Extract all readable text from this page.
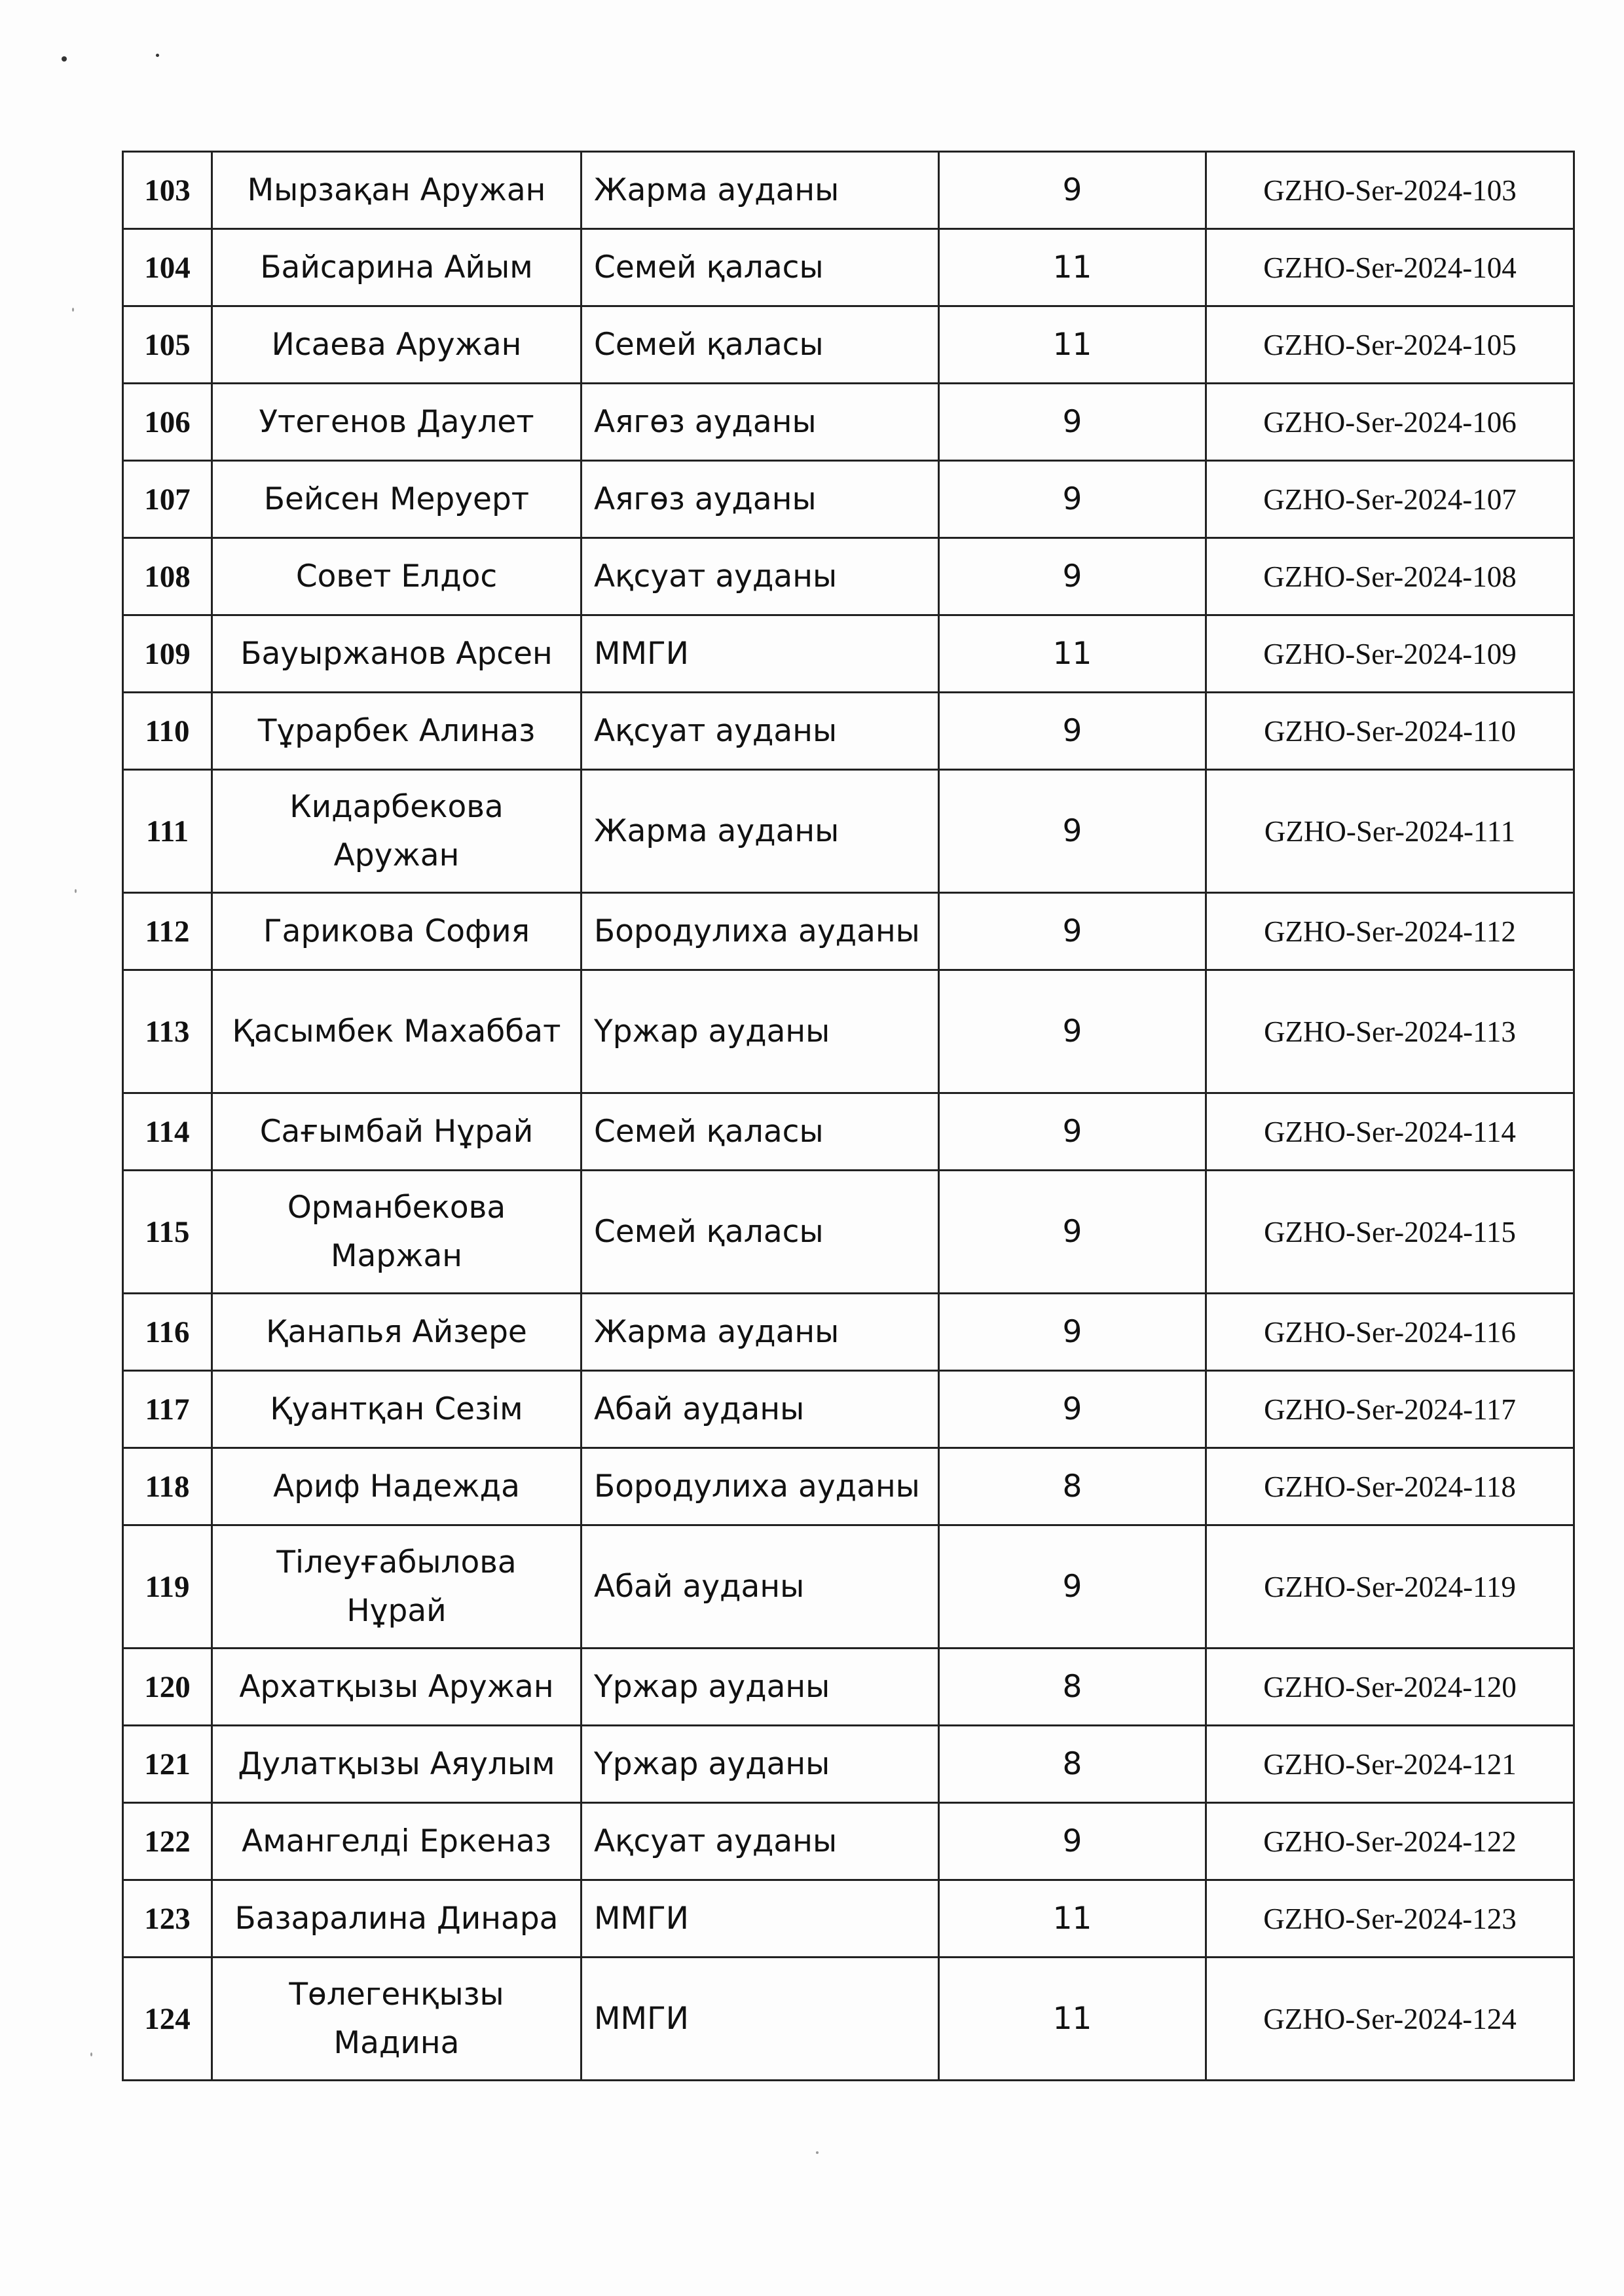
103	Мырзақан Аружан	Жарма ауданы	9	GZHO-Ser-2024-103
104	Байсарина Айым	Семей қаласы	11	GZHO-Ser-2024-104
105	Исаева Аружан	Семей қаласы	11	GZHO-Ser-2024-105
106	Утегенов Даулет	Аягөз ауданы	9	GZHO-Ser-2024-106
107	Бейсен Меруерт	Аягөз ауданы	9	GZHO-Ser-2024-107
108	Совет Елдос	Ақсуат ауданы	9	GZHO-Ser-2024-108
109	Бауыржанов Арсен	ММГИ	11	GZHO-Ser-2024-109
110	Тұрарбек Алиназ	Ақсуат ауданы	9	GZHO-Ser-2024-110
111	Кидарбекова Аружан	Жарма ауданы	9	GZHO-Ser-2024-111
112	Гарикова София	Бородулиха ауданы	9	GZHO-Ser-2024-112
113	Қасымбек Махаббат	Үржар ауданы	9	GZHO-Ser-2024-113
114	Сағымбай Нұрай	Семей қаласы	9	GZHO-Ser-2024-114
115	Орманбекова Маржан	Семей қаласы	9	GZHO-Ser-2024-115
116	Қанапья Айзере	Жарма ауданы	9	GZHO-Ser-2024-116
117	Қуантқан Сезім	Абай ауданы	9	GZHO-Ser-2024-117
118	Ариф Надежда	Бородулиха ауданы	8	GZHO-Ser-2024-118
119	Тілеуғабылова Нұрай	Абай ауданы	9	GZHO-Ser-2024-119
120	Архатқызы Аружан	Үржар ауданы	8	GZHO-Ser-2024-120
121	Дулатқызы Аяулым	Үржар ауданы	8	GZHO-Ser-2024-121
122	Амангелді Еркеназ	Ақсуат ауданы	9	GZHO-Ser-2024-122
123	Базаралина Динара	ММГИ	11	GZHO-Ser-2024-123
124	Төлегенқызы Мадина	ММГИ	11	GZHO-Ser-2024-124
